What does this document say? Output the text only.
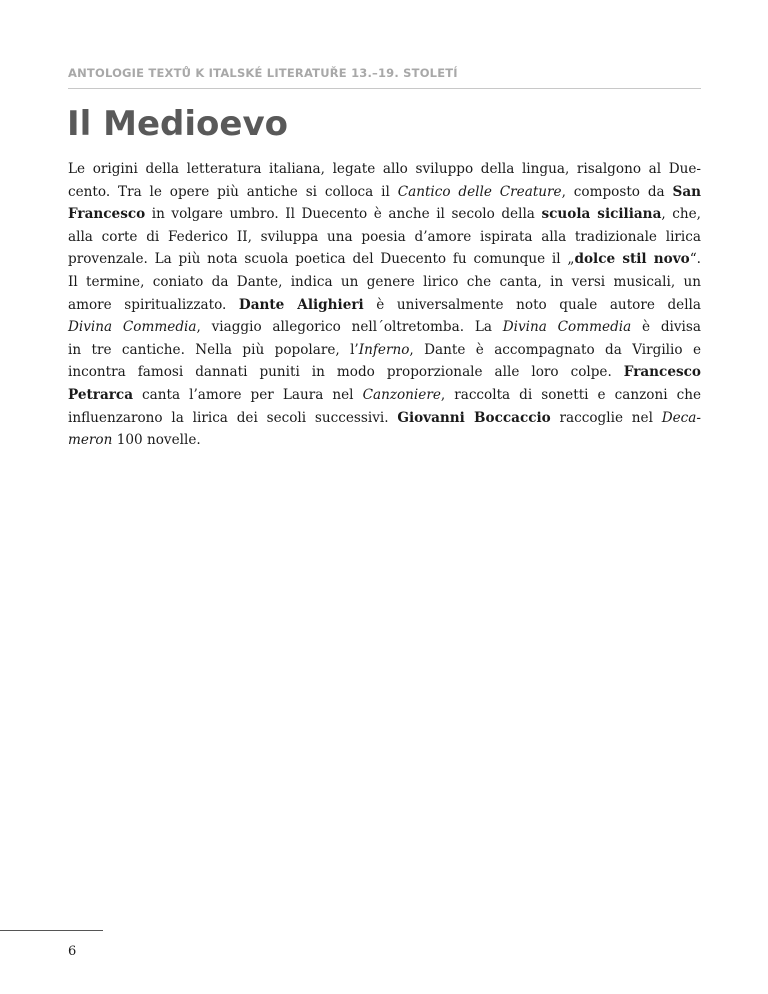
ANTOLOGIE TEXTŮ K ITALSKÉ LITERATUŘE 13.–19. STOLETÍ
Il Medioevo
Le origini della letteratura italiana, legate allo sviluppo della lingua, risalgono al Due-
cento. Tra le opere più antiche si colloca il Cantico delle Creature, composto da San
Francesco in volgare umbro. Il Duecento è anche il secolo della scuola siciliana, che,
alla corte di Federico II, sviluppa una poesia d’amore ispirata alla tradizionale lirica
provenzale. La più nota scuola poetica del Duecento fu comunque il „dolce stil novo“.
Il termine, coniato da Dante, indica un genere lirico che canta, in versi musicali, un
amore spiritualizzato. Dante Alighieri è universalmente noto quale autore della
Divina Commedia, viaggio allegorico nell´oltretomba. La Divina Commedia è divisa
in tre cantiche. Nella più popolare, l’Inferno, Dante è accompagnato da Virgilio e
incontra famosi dannati puniti in modo proporzionale alle loro colpe. Francesco
Petrarca canta l’amore per Laura nel Canzoniere, raccolta di sonetti e canzoni che
influenzarono la lirica dei secoli successivi. Giovanni Boccaccio raccoglie nel Deca-
meron 100 novelle.
6
